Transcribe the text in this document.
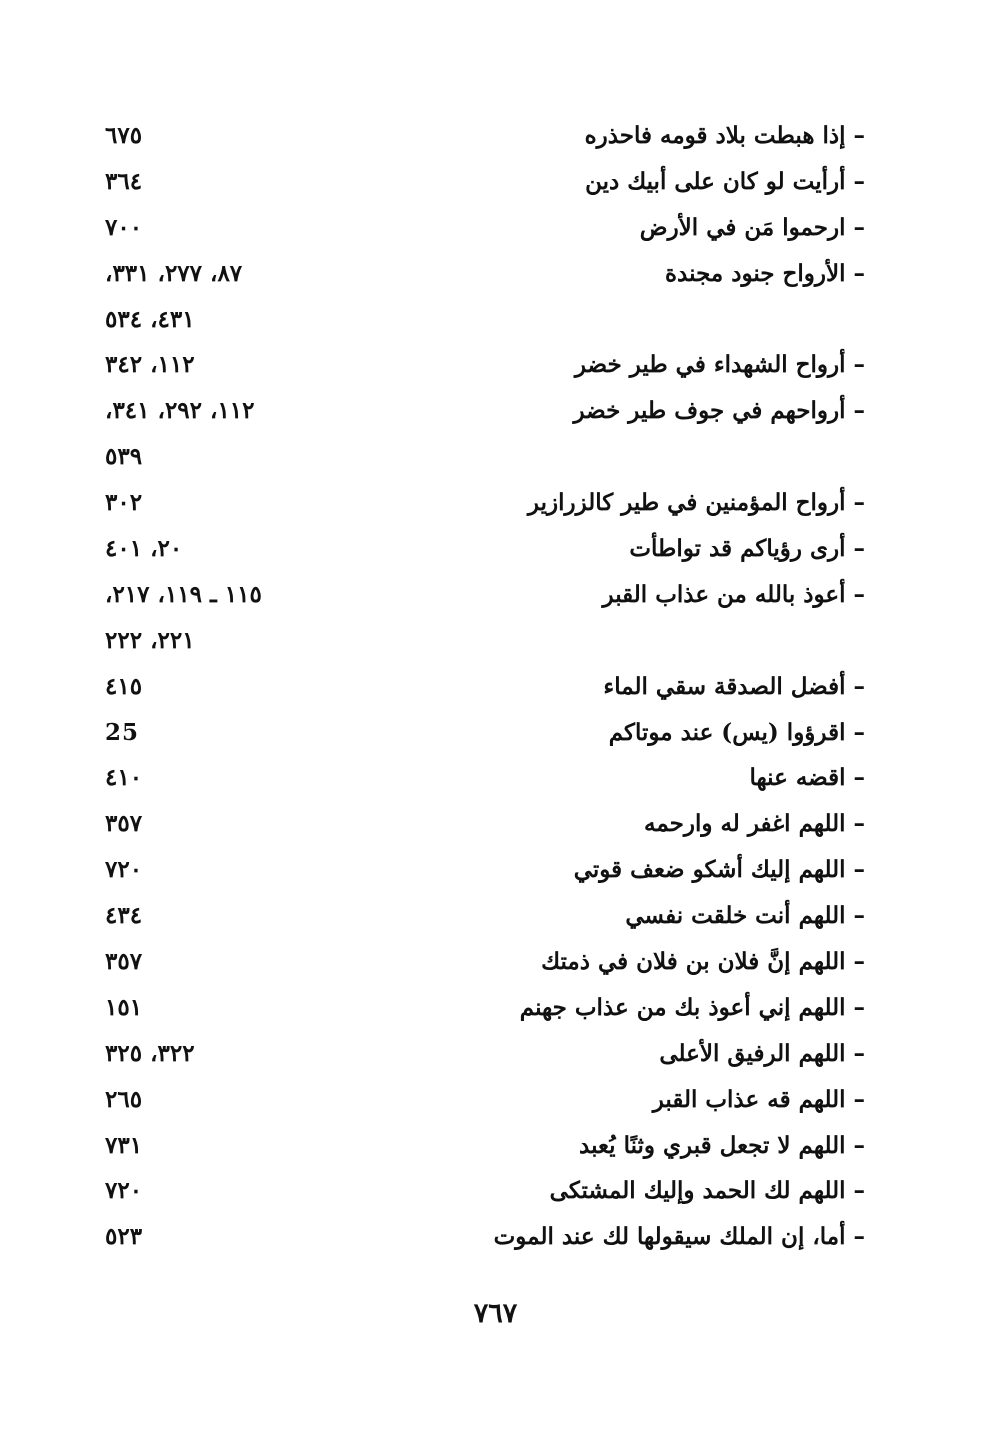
– إذا هبطت بلاد قومه فاحذره
٦٧٥
– أرأيت لو كان على أبيك دين
٣٦٤
– ارحموا مَن في الأرض
٧٠٠
– الأرواح جنود مجندة
٨٧، ٢٧٧، ٣٣١،
٤٣١، ٥٣٤
– أرواح الشهداء في طير خضر
١١٢، ٣٤٢
– أرواحهم في جوف طير خضر
١١٢، ٢٩٢، ٣٤١،
٥٣٩
– أرواح المؤمنين في طير كالزرازير
٣٠٢
– أرى رؤياكم قد تواطأت
٢٠، ٤٠١
– أعوذ بالله من عذاب القبر
١١٥ ـ ١١٩، ٢١٧،
٢٢١، ٢٢٢
– أفضل الصدقة سقي الماء
٤١٥
– اقرؤوا (يس) عند موتاكم
25
– اقضه عنها
٤١٠
– اللهم اغفر له وارحمه
٣٥٧
– اللهم إليك أشكو ضعف قوتي
٧٢٠
– اللهم أنت خلقت نفسي
٤٣٤
– اللهم إنَّ فلان بن فلان في ذمتك
٣٥٧
– اللهم إني أعوذ بك من عذاب جهنم
١٥١
– اللهم الرفيق الأعلى
٣٢٢، ٣٢٥
– اللهم قه عذاب القبر
٢٦٥
– اللهم لا تجعل قبري وثنًا يُعبد
٧٣١
– اللهم لك الحمد وإليك المشتكى
٧٢٠
– أما، إن الملك سيقولها لك عند الموت
٥٢٣
٧٦٧
